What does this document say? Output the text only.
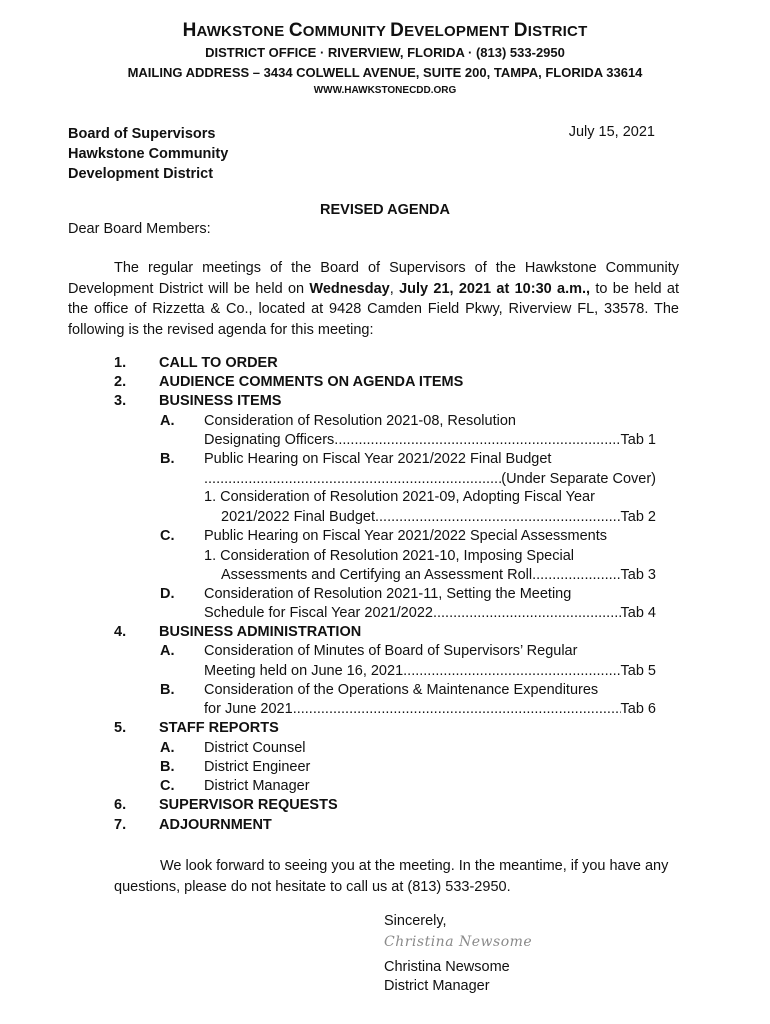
HAWKSTONE COMMUNITY DEVELOPMENT DISTRICT
DISTRICT OFFICE · RIVERVIEW, FLORIDA · (813) 533-2950
MAILING ADDRESS – 3434 COLWELL AVENUE, SUITE 200, TAMPA, FLORIDA 33614
WWW.HAWKSTONECDD.ORG
Board of Supervisors
Hawkstone Community
Development District
July 15, 2021
REVISED AGENDA
Dear Board Members:
The regular meetings of the Board of Supervisors of the Hawkstone Community Development District will be held on Wednesday, July 21, 2021 at 10:30 a.m., to be held at the office of Rizzetta & Co., located at 9428 Camden Field Pkwy, Riverview FL, 33578. The following is the revised agenda for this meeting:
1. CALL TO ORDER
2. AUDIENCE COMMENTS ON AGENDA ITEMS
3. BUSINESS ITEMS
A. Consideration of Resolution 2021-08, Resolution
Designating Officers .....	Tab 1
B. Public Hearing on Fiscal Year 2021/2022 Final Budget
.....
(Under Separate Cover)
1. Consideration of Resolution 2021-09, Adopting Fiscal Year
2021/2022 Final Budget .....	Tab 2
C. Public Hearing on Fiscal Year 2021/2022 Special Assessments
1. Consideration of Resolution 2021-10, Imposing Special
Assessments and Certifying an Assessment Roll .....	Tab 3
D. Consideration of Resolution 2021-11, Setting the Meeting
Schedule for Fiscal Year 2021/2022. .....	Tab 4
4. BUSINESS ADMINISTRATION
A. Consideration of Minutes of Board of Supervisors’ Regular
Meeting held on June 16, 2021 .....	Tab 5
B. Consideration of the Operations & Maintenance Expenditures
for June 2021 .....	Tab 6
5. STAFF REPORTS
A. District Counsel
B. District Engineer
C. District Manager
6. SUPERVISOR REQUESTS
7. ADJOURNMENT
We look forward to seeing you at the meeting. In the meantime, if you have any questions, please do not hesitate to call us at (813) 533-2950.
Sincerely,
Christina Newsome
Christina Newsome
District Manager
